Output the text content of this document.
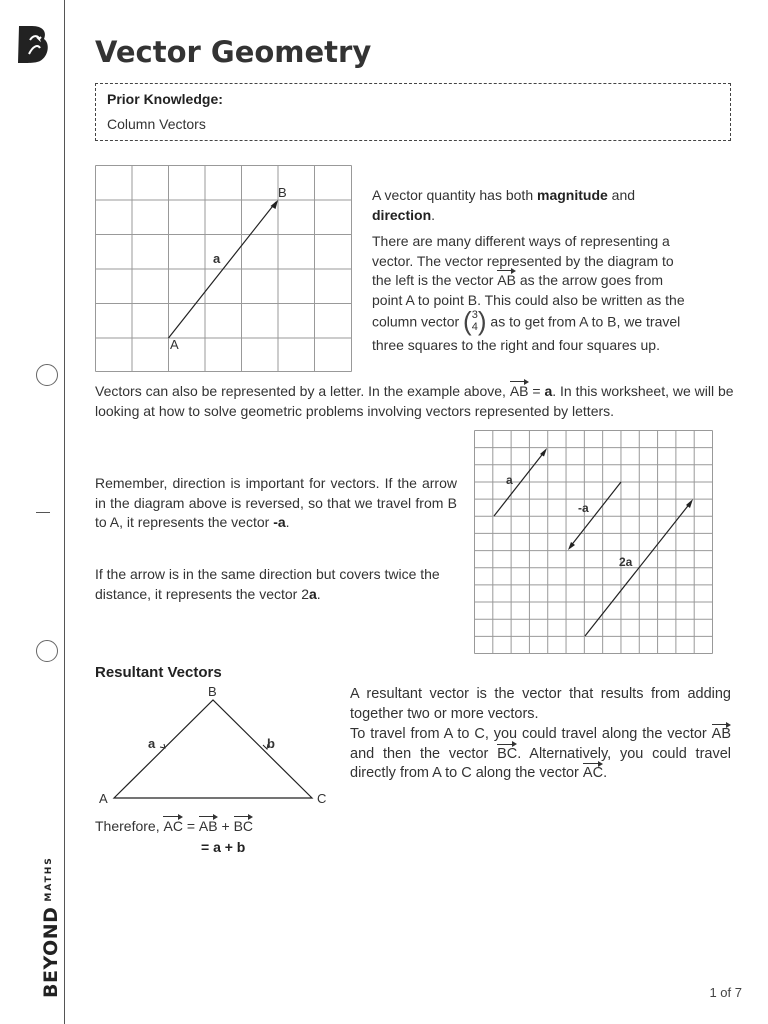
$BEYOND^{MATHS}$
Vector Geometry
Prior Knowledge:
Column Vectors
a
A
B	A vector quantity has both magnitude and
direction.
There are many different ways of representing a
vector. The vector represented by the diagram to
the left is the vector AB as the arrow goes from
point A to point B. This could also be written as the
column vector (3
4) as to get from A to B, we travel
three squares to the right and four squares up.
Vectors can also be represented by a letter. In the example above, AB = a. In this worksheet, we will be looking at how to solve geometric problems involving vectors represented by letters.
Remember, direction is important for vectors. If the arrow in the diagram above is reversed, so that we travel from B to A, it represents the vector -a.
If the arrow is in the same direction but covers twice the distance, it represents the vector 2a.
a
-a
2a
Resultant Vectors
B
A	C
a	b
A resultant vector is the vector that results from adding together two or more vectors.
To travel from A to C, you could travel along the vector AB and then the vector BC. Alternatively, you could travel directly from A to C along the vector AC.
Therefore, AC = AB + BC
= a + b
1 of 7
